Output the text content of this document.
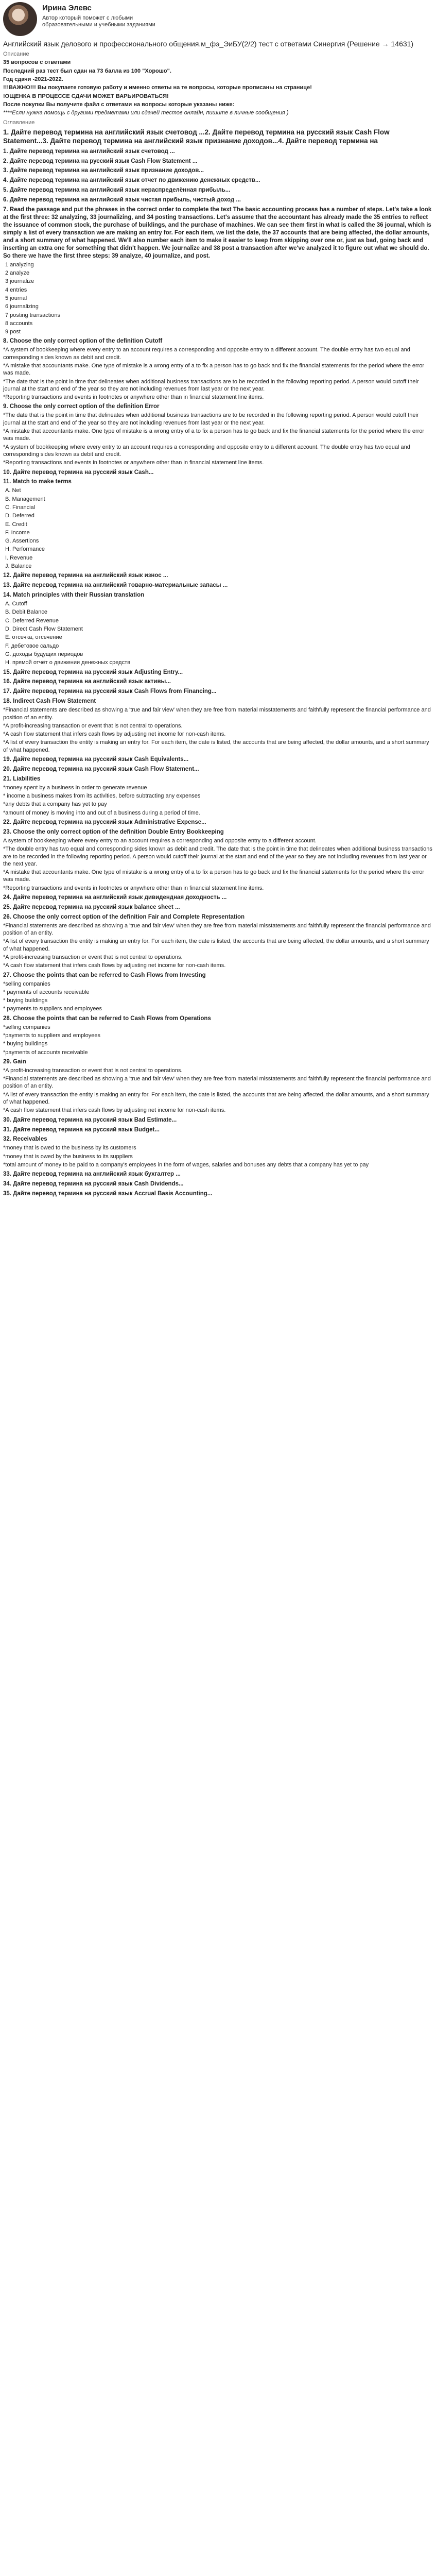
Ирина Элевс
Автор который поможет с любыми образовательными и учебными заданиями
Английский язык делового и профессионального общения.м_фэ_ЭиБУ(2/2) тест с ответами Синергия (Решение → 14631)
Описание
35 вопросов с ответами
Последний раз тест был сдан на 73 балла из 100 "Хорошо".
Год сдачи -2021-2022.
!!!ВАЖНО!!! Вы покупаете готовую работу и именно ответы на те вопросы, которые прописаны на странице!
!ОЩЕНКА В ПРОЦЕССЕ СДАЧИ МОЖЕТ ВАРЬИРОВАТЬСЯ!
После покупки Вы получите файл с ответами на вопросы которые указаны ниже:
****Если нужна помощь с другими предметами или сдачей тестов онлайн, пишите в личные сообщения )
Оглавление
1. Дайте перевод термина на английский язык счетовод ...2. Дайте перевод термина на русский язык Cash Flow Statement...3. Дайте перевод термина на английский язык признание доходов...4. Дайте перевод термина на
1. Дайте перевод термина на английский язык счетовод ...
2. Дайте перевод термина на русский язык Cash Flow Statement ...
3. Дайте перевод термина на английский язык признание доходов...
4. Дайте перевод термина на английский язык отчет по движению денежных средств...
5. Дайте перевод термина на английский язык нераспределённая прибыль...
6. Дайте перевод термина на английский язык чистая прибыль, чистый доход ...
7. Read the passage and put the phrases in the correct order to complete the text The basic accounting process has a number of steps. Let's take a look at the first three: 32 analyzing, 33 journalizing, and 34 posting transactions. Let's assume that the accountant has already made the 35 entries to reflect the issuance of common stock, the purchase of buildings, and the purchase of machines. We can see them first in what is called the 36 journal, which is simply a list of every transaction we are making an entry for. For each item, we list the date, the 37 accounts that are being affected, the dollar amounts, and a short summary of what happened. We'll also number each item to make it easier to keep from skipping over one or, just as bad, going back and inserting an extra one for something that didn't happen. We journalize and 38 post a transaction after we've analyzed it to figure out what we should do. So there we have the first three steps: 39 analyze, 40 journalize, and post.
1 analyzing
2 analyze
3 journalize
4 entries
5 journal
6 journalizing
7 posting transactions
8 accounts
9 post
8. Choose the only correct option of the definition Cutoff
*A system of bookkeeping where every entry to an account requires a corresponding and opposite entry to a different account. The double entry has two equal and corresponding sides known as debit and credit.
*A mistake that accountants make. One type of mistake is a wrong entry of a to fix a person has to go back and fix the financial statements for the period where the error was made.
*The date that is the point in time that delineates when additional business transactions are to be recorded in the following reporting period. A person would cutoff their journal at the start and end of the year so they are not including revenues from last year or the next year.
*Reporting transactions and events in footnotes or anywhere other than in financial statement line items.
9. Choose the only correct option of the definition Error
*The date that is the point in time that delineates when additional business transactions are to be recorded in the following reporting period. A person would cutoff their journal at the start and end of the year so they are not including revenues from last year or the next year.
*A mistake that accountants make. One type of mistake is a wrong entry of a to fix a person has to go back and fix the financial statements for the period where the error was made.
*A system of bookkeeping where every entry to an account requires a corresponding and opposite entry to a different account. The double entry has two equal and corresponding sides known as debit and credit.
*Reporting transactions and events in footnotes or anywhere other than in financial statement line items.
10. Дайте перевод термина на русский язык Cash...
11. Match to make terms
A. Net
B. Management
C. Financial
D. Deferred
E. Credit
F. Income
G. Assertions
H. Performance
I. Revenue
J. Balance
12. Дайте перевод термина на английский язык износ ...
13. Дайте перевод термина на английский товарно-материальные запасы ...
14. Match principles with their Russian translation
A. Cutoff
B. Debit Balance
C. Deferred Revenue
D. Direct Cash Flow Statement
E. отсечка, отсечение
F. дебетовое сальдо
G. доходы будущих периодов
H. прямой отчёт о движении денежных средств
15. Дайте перевод термина на русский язык Adjusting Entry...
16. Дайте перевод термина на английский язык активы...
17. Дайте перевод термина на русский язык Cash Flows from Financing...
18. Indirect Cash Flow Statement
*Financial statements are described as showing a 'true and fair view' when they are free from material misstatements and faithfully represent the financial performance and position of an entity.
*A profit-increasing transaction or event that is not central to operations.
*A cash flow statement that infers cash flows by adjusting net income for non-cash items.
*A list of every transaction the entity is making an entry for. For each item, the date is listed, the accounts that are being affected, the dollar amounts, and a short summary of what happened.
19. Дайте перевод термина на русский язык Cash Equivalents...
20. Дайте перевод термина на русский язык Cash Flow Statement...
21. Liabilities
*money spent by a business in order to generate revenue
* income a business makes from its activities, before subtracting any expenses
*any debts that a company has yet to pay
*amount of money is moving into and out of a business during a period of time.
22. Дайте перевод термина на русский язык Administrative Expense...
23. Choose the only correct option of the definition Double Entry Bookkeeping
A system of bookkeeping where every entry to an account requires a corresponding and opposite entry to a different account.
*The double entry has two equal and corresponding sides known as debit and credit. The date that is the point in time that delineates when additional business transactions are to be recorded in the following reporting period. A person would cutoff their journal at the start and end of the year so they are not including revenues from last year or the next year.
*A mistake that accountants make. One type of mistake is a wrong entry of a to fix a person has to go back and fix the financial statements for the period where the error was made.
*Reporting transactions and events in footnotes or anywhere other than in financial statement line items.
24. Дайте перевод термина на английский язык дивидендная доходность ...
25. Дайте перевод термина на русский язык balance sheet ...
26. Choose the only correct option of the definition Fair and Complete Representation
*Financial statements are described as showing a 'true and fair view' when they are free from material misstatements and faithfully represent the financial performance and position of an entity.
*A list of every transaction the entity is making an entry for. For each item, the date is listed, the accounts that are being affected, the dollar amounts, and a short summary of what happened.
*A profit-increasing transaction or event that is not central to operations.
*A cash flow statement that infers cash flows by adjusting net income for non-cash items.
27. Choose the points that can be referred to Cash Flows from Investing
*selling companies
* payments of accounts receivable
* buying buildings
* payments to suppliers and employees
28. Choose the points that can be referred to Cash Flows from Operations
*selling companies
*payments to suppliers and employees
* buying buildings
*payments of accounts receivable
29. Gain
*A profit-increasing transaction or event that is not central to operations.
*Financial statements are described as showing a 'true and fair view' when they are free from material misstatements and faithfully represent the financial performance and position of an entity.
*A list of every transaction the entity is making an entry for. For each item, the date is listed, the accounts that are being affected, the dollar amounts, and a short summary of what happened.
*A cash flow statement that infers cash flows by adjusting net income for non-cash items.
30. Дайте перевод термина на русский язык Bad Estimate...
31. Дайте перевод термина на русский язык Budget...
32. Receivables
*money that is owed to the business by its customers
*money that is owed by the business to its suppliers
*total amount of money to be paid to a company's employees in the form of wages, salaries and bonuses any debts that a company has yet to pay
33. Дайте перевод термина на английский язык бухгалтер ...
34. Дайте перевод термина на русский язык Cash Dividends...
35. Дайте перевод термина на русский язык Accrual Basis Accounting...
